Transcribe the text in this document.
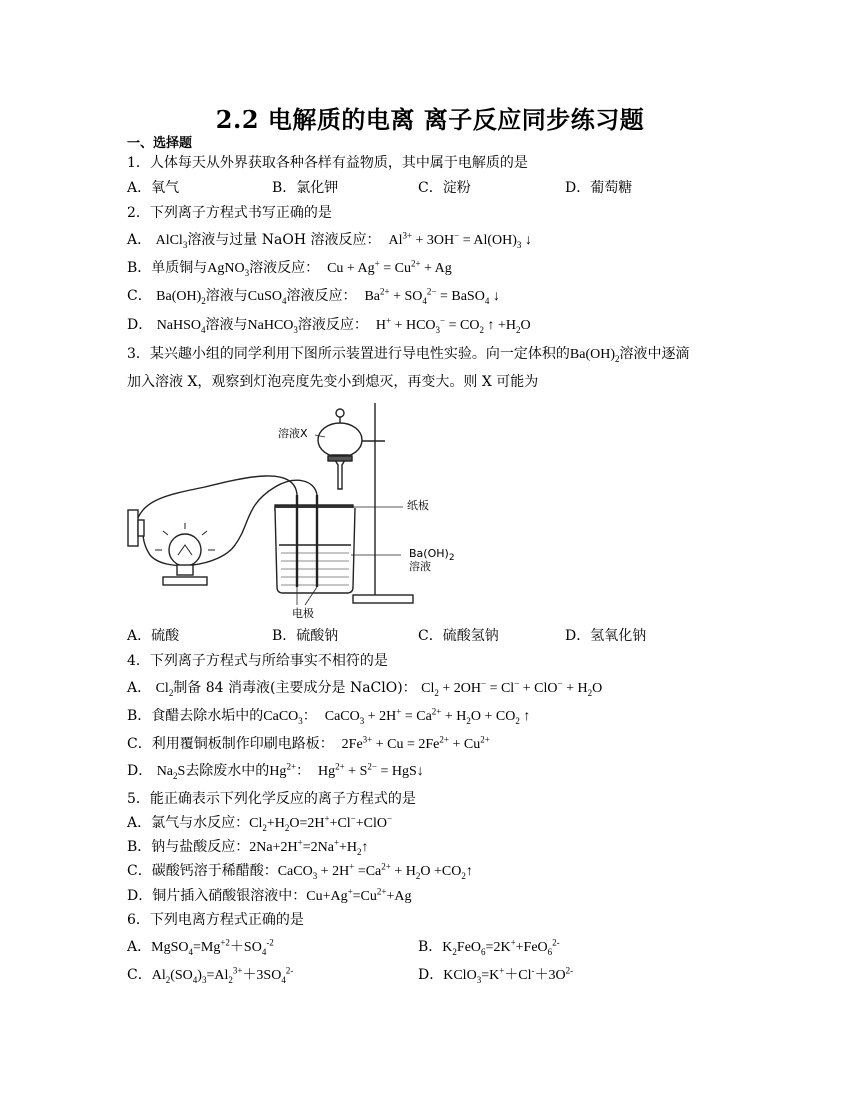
2.2 电解质的电离 离子反应同步练习题
一、选择题
1．人体每天从外界获取各种各样有益物质，其中属于电解质的是
A．氧气	B．氯化钾	C．淀粉	D．葡萄糖
2．下列离子方程式书写正确的是
A． AlCl$_3$溶液与过量 NaOH 溶液反应：  $Al^{3+} + 3OH^- = Al(OH)_3$ ↓
B．单质铜与AgNO$_3$溶液反应：  $Cu + Ag^+ = Cu^{2+} + Ag$
C． $Ba(OH)_2$溶液与CuSO$_4$溶液反应：  $Ba^{2+} + SO_4^{2-}$ = BaSO$_4$ ↓
D． NaHSO$_4$溶液与NaHCO$_3$溶液反应：  $H^+ + HCO_3^- = CO_2$ ↑ $+H_2O$
3．某兴趣小组的同学利用下图所示装置进行导电性实验。向一定体积的$Ba(OH)_2$溶液中逐滴
加入溶液 X，观察到灯泡亮度先变小到熄灭，再变大。则 X 可能为
溶液X
纸板
$Ba(OH)_2$
溶液
电极
A．硫酸	B．硫酸钠	C．硫酸氢钠	D．氢氧化钠
4．下列离子方程式与所给事实不相符的是
A． $Cl_2$制备 84 消毒液(主要成分是 NaClO)： $Cl_2 + 2OH^- = Cl^- + ClO^- + H_2O$
B．食醋去除水垢中的CaCO$_3$：  CaCO$_3$ + $2H^+ = Ca^{2+} + H_2O + CO_2$ ↑
C．利用覆铜板制作印刷电路板：  $2Fe^{3+} + Cu = 2Fe^{2+} + Cu^{2+}$
D． $Na_2S$去除废水中的$Hg^{2+}$：  $Hg^{2+} + S^{2-}$ = HgS↓
5．能正确表示下列化学反应的离子方程式的是
A．氯气与水反应：$Cl_2+H_2O=2H^++Cl^-+ClO^-$
B．钠与盐酸反应：$2Na+2H^+=2Na^++H_2↑$
C．碳酸钙溶于稀醋酸：CaCO$_3$ + $2H^+ =Ca^{2+} + H_2O$ $+CO_2↑$
D．铜片插入硝酸银溶液中：$Cu+Ag^+=Cu^{2+}+Ag$
6．下列电离方程式正确的是
A．$MgSO_4=Mg^{+2}+SO_4^{-2}$	B．$K_2FeO_6=2K^++FeO_6^{2-}$
C．$Al_2(SO_4)_3=Al_2^{3+}+3SO_4^{2-}$	D．$KClO_3=K^++Cl^-+3O^{2-}$
